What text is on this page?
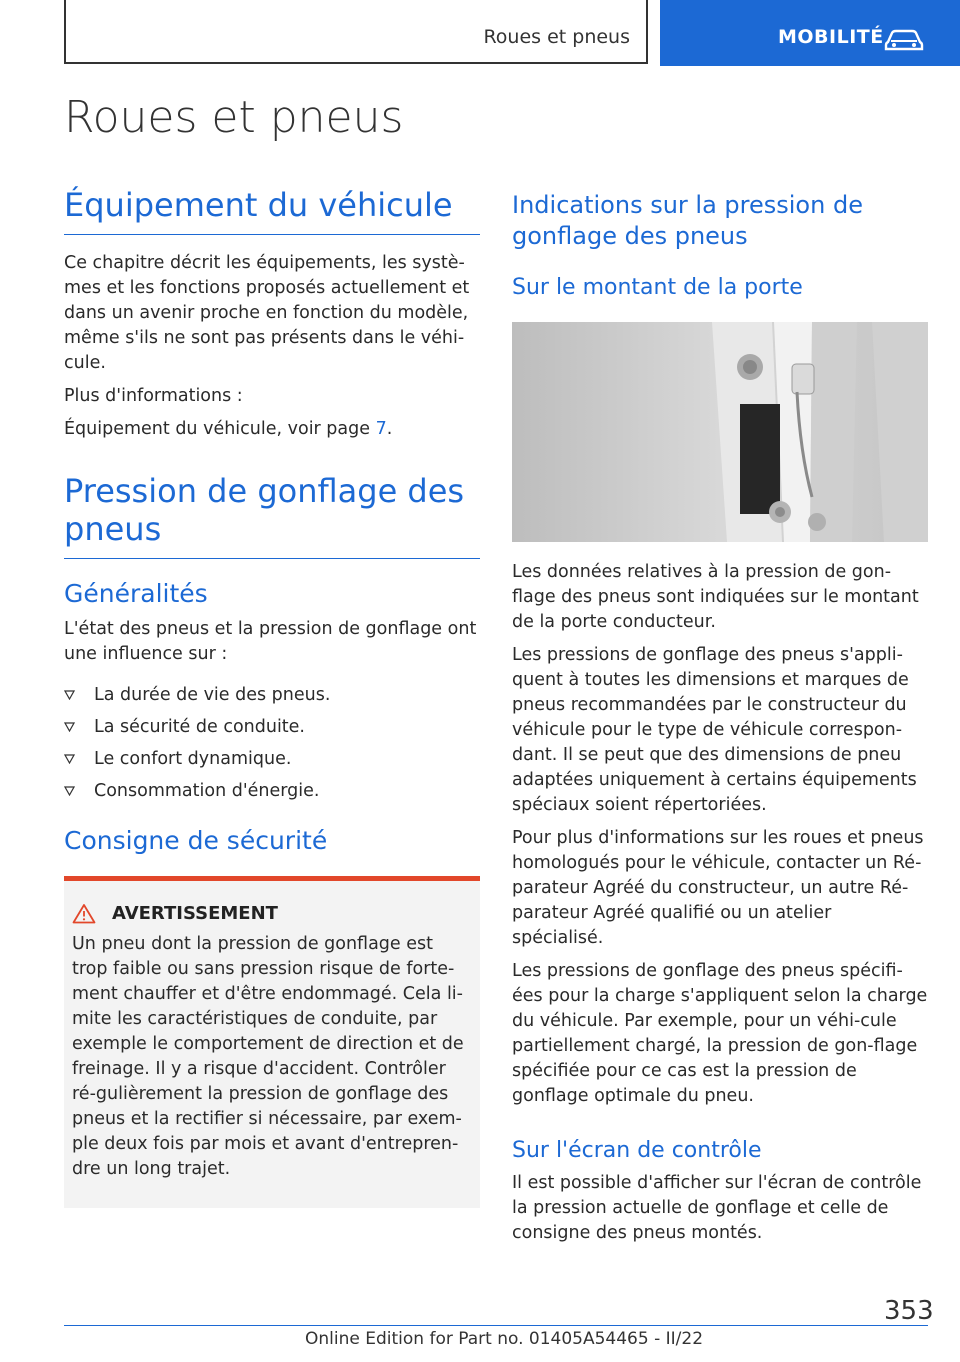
Roues et pneus	MOBILITÉ
Roues et pneus
Équipement du véhicule

Ce chapitre décrit les équipements, les systè-mes et les fonctions proposés actuellement et dans un avenir proche en fonction du modèle, même s'ils ne sont pas présents dans le véhi-cule.

Plus d'informations :

Équipement du véhicule, voir page 7.

Pression de gonflage des pneus
Généralités

L'état des pneus et la pression de gonflage ont une influence sur :

La durée de vie des pneus.
La sécurité de conduite.
Le confort dynamique.
Consommation d'énergie.
Consigne de sécurité
AVERTISSEMENT

Un pneu dont la pression de gonflage est trop faible ou sans pression risque de forte-ment chauffer et d'être endommagé. Cela li-mite les caractéristiques de conduite, par exemple le comportement de direction et de freinage. Il y a risque d'accident. Contrôler ré-gulièrement la pression de gonflage des pneus et la rectifier si nécessaire, par exem-ple deux fois par mois et avant d'entrepren-dre un long trajet.

Indications sur la pression de gonflage des pneus
Sur le montant de la porte

Les données relatives à la pression de gon-flage des pneus sont indiquées sur le montant de la porte conducteur.

Les pressions de gonflage des pneus s'appli-quent à toutes les dimensions et marques de pneus recommandées par le constructeur du véhicule pour le type de véhicule correspon-dant. Il se peut que des dimensions de pneu adaptées uniquement à certains équipements spéciaux soient répertoriées.

Pour plus d'informations sur les roues et pneus homologués pour le véhicule, contacter un Ré-parateur Agréé du constructeur, un autre Ré-parateur Agréé qualifié ou un atelier spécialisé.

Les pressions de gonflage des pneus spécifi-ées pour la charge s'appliquent selon la charge du véhicule. Par exemple, pour un véhi-cule partiellement chargé, la pression de gon-flage spécifiée pour ce cas est la pression de gonflage optimale du pneu.

Sur l'écran de contrôle

Il est possible d'afficher sur l'écran de contrôle la pression actuelle de gonflage et celle de consigne des pneus montés.

353
Online Edition for Part no. 01405A54465 - II/22
